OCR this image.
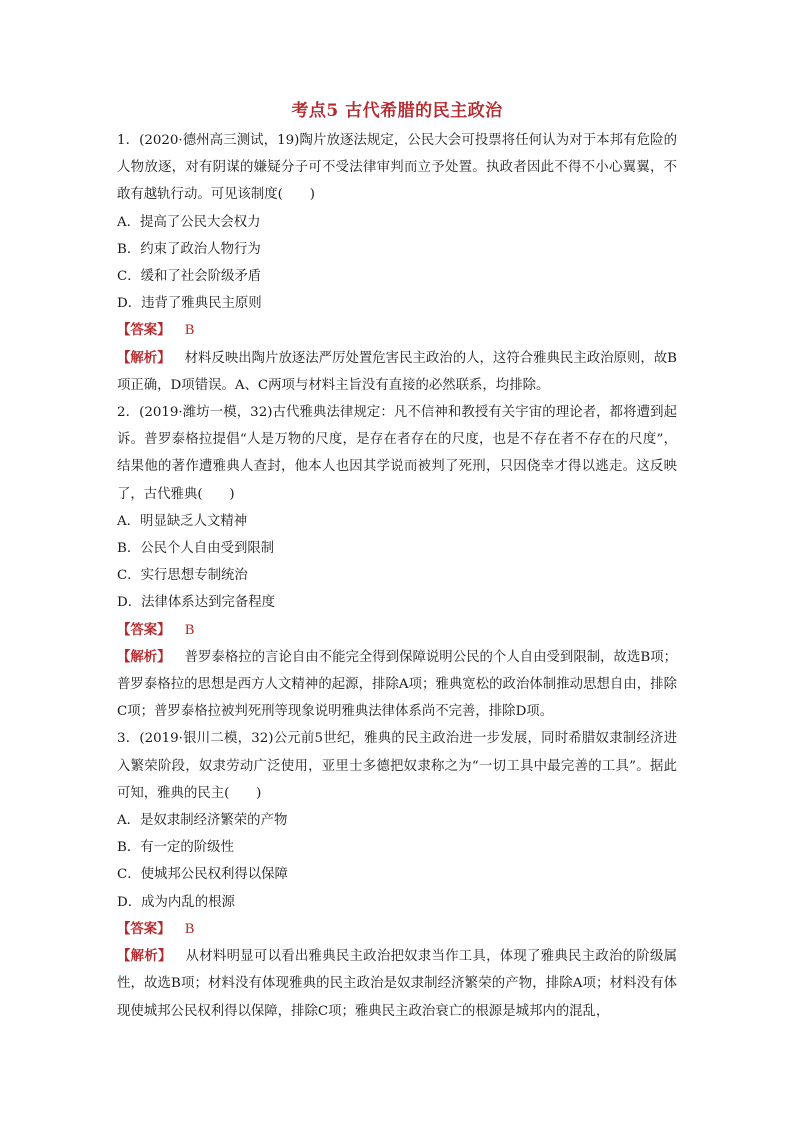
考点5 古代希腊的民主政治

1．(2020·德州高三测试，19)陶片放逐法规定，公民大会可投票将任何认为对于本邦有危险的人物放逐，对有阴谋的嫌疑分子可不受法律审判而立予处置。执政者因此不得不小心翼翼，不敢有越轨行动。可见该制度(　　)

A．提高了公民大会权力

B．约束了政治人物行为

C．缓和了社会阶级矛盾

D．违背了雅典民主原则

【答案】 B

【解析】 材料反映出陶片放逐法严厉处置危害民主政治的人，这符合雅典民主政治原则，故B项正确，D项错误。A、C两项与材料主旨没有直接的必然联系，均排除。

2．(2019·潍坊一模，32)古代雅典法律规定：凡不信神和教授有关宇宙的理论者，都将遭到起诉。普罗泰格拉提倡“人是万物的尺度，是存在者存在的尺度，也是不存在者不存在的尺度”，结果他的著作遭雅典人查封，他本人也因其学说而被判了死刑，只因侥幸才得以逃走。这反映了，古代雅典(　　)

A．明显缺乏人文精神

B．公民个人自由受到限制

C．实行思想专制统治

D．法律体系达到完备程度

【答案】 B

【解析】 普罗泰格拉的言论自由不能完全得到保障说明公民的个人自由受到限制，故选B项；普罗泰格拉的思想是西方人文精神的起源，排除A项；雅典宽松的政治体制推动思想自由，排除C项；普罗泰格拉被判死刑等现象说明雅典法律体系尚不完善，排除D项。

3．(2019·银川二模，32)公元前5世纪，雅典的民主政治进一步发展，同时希腊奴隶制经济进入繁荣阶段，奴隶劳动广泛使用，亚里士多德把奴隶称之为“一切工具中最完善的工具”。据此可知，雅典的民主(　　)

A．是奴隶制经济繁荣的产物

B．有一定的阶级性

C．使城邦公民权利得以保障

D．成为内乱的根源

【答案】 B

【解析】 从材料明显可以看出雅典民主政治把奴隶当作工具，体现了雅典民主政治的阶级属性，故选B项；材料没有体现雅典的民主政治是奴隶制经济繁荣的产物，排除A项；材料没有体现使城邦公民权利得以保障，排除C项；雅典民主政治衰亡的根源是城邦内的混乱，
